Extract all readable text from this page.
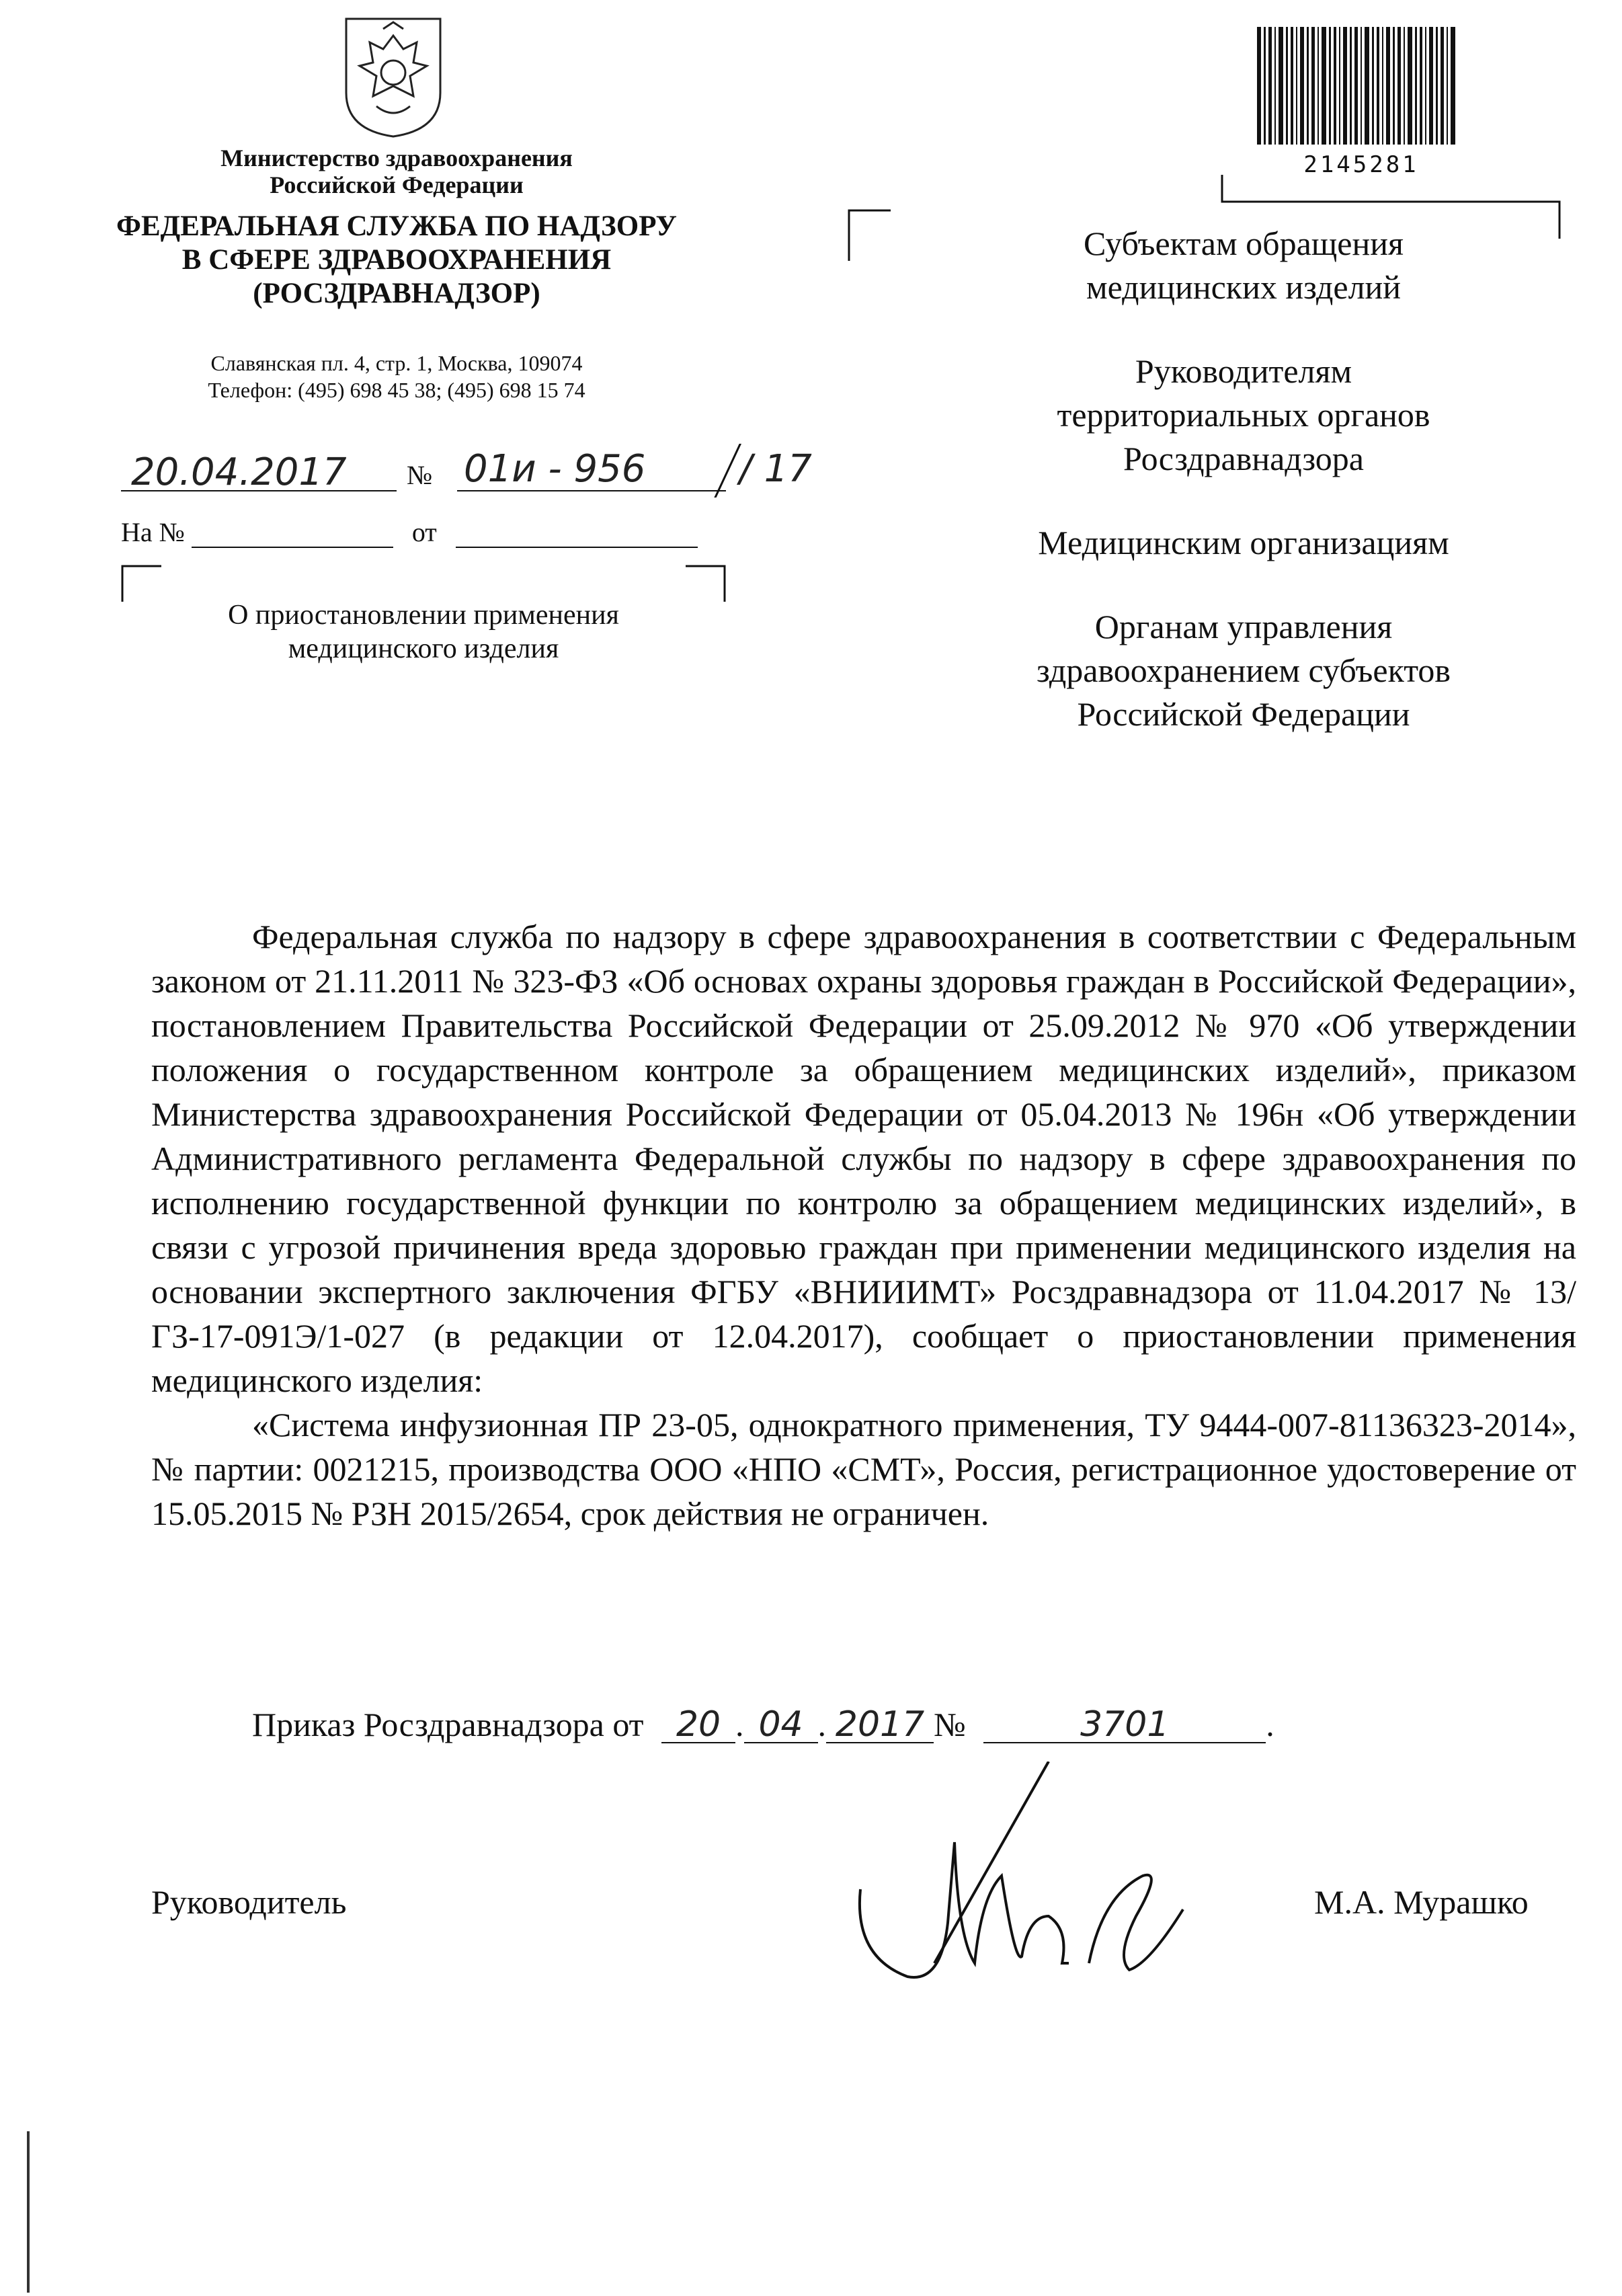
Министерство здравоохранения
Российской Федерации
ФЕДЕРАЛЬНАЯ СЛУЖБА ПО НАДЗОРУ
В СФЕРЕ ЗДРАВООХРАНЕНИЯ
(РОСЗДРАВНАДЗОР)
Славянская пл. 4, стр. 1, Москва, 109074
Телефон: (495) 698 45 38; (495) 698 15 74
20.04.2017 № 01и - 956 / 17
На №	от
О приостановлении применения
медицинского изделия
2145281
Субъектам обращения
медицинских изделий
Руководителям
территориальных органов
Росздравнадзора
Медицинским организациям
Органам управления
здравоохранением субъектов
Российской Федерации

Федеральная служба по надзору в сфере здравоохранения в соответствии с Федеральным законом от 21.11.2011 № 323-ФЗ «Об основах охраны здоровья граждан в Российской Федерации», постановлением Правительства Российской Федерации от 25.09.2012 № 970 «Об утверждении положения о государственном контроле за обращением медицинских изделий», приказом Министерства здравоохранения Российской Федерации от 05.04.2013 № 196н «Об утверждении Административного регламента Федеральной службы по надзору в сфере здравоохранения по исполнению государственной функции по контролю за обращением медицинских изделий», в связи с угрозой причинения вреда здоровью граждан при применении медицинского изделия на основании экспертного заключения ФГБУ «ВНИИИМТ» Росздравнадзора от 11.04.2017 № 13/ГЗ-17-091Э/1-027 (в редакции от 12.04.2017), сообщает о приостановлении применения медицинского изделия:

«Система инфузионная ПР 23-05, однократного применения, ТУ 9444-007-81136323-2014», № партии: 0021215, производства ООО «НПО «СМТ», Россия, регистрационное удостоверение от 15.05.2015 № РЗН 2015/2654, срок действия не ограничен.

Приказ Росздравнадзора от 20 . 04 . 2017 №	3701	.
Руководитель	М.А. Мурашко
